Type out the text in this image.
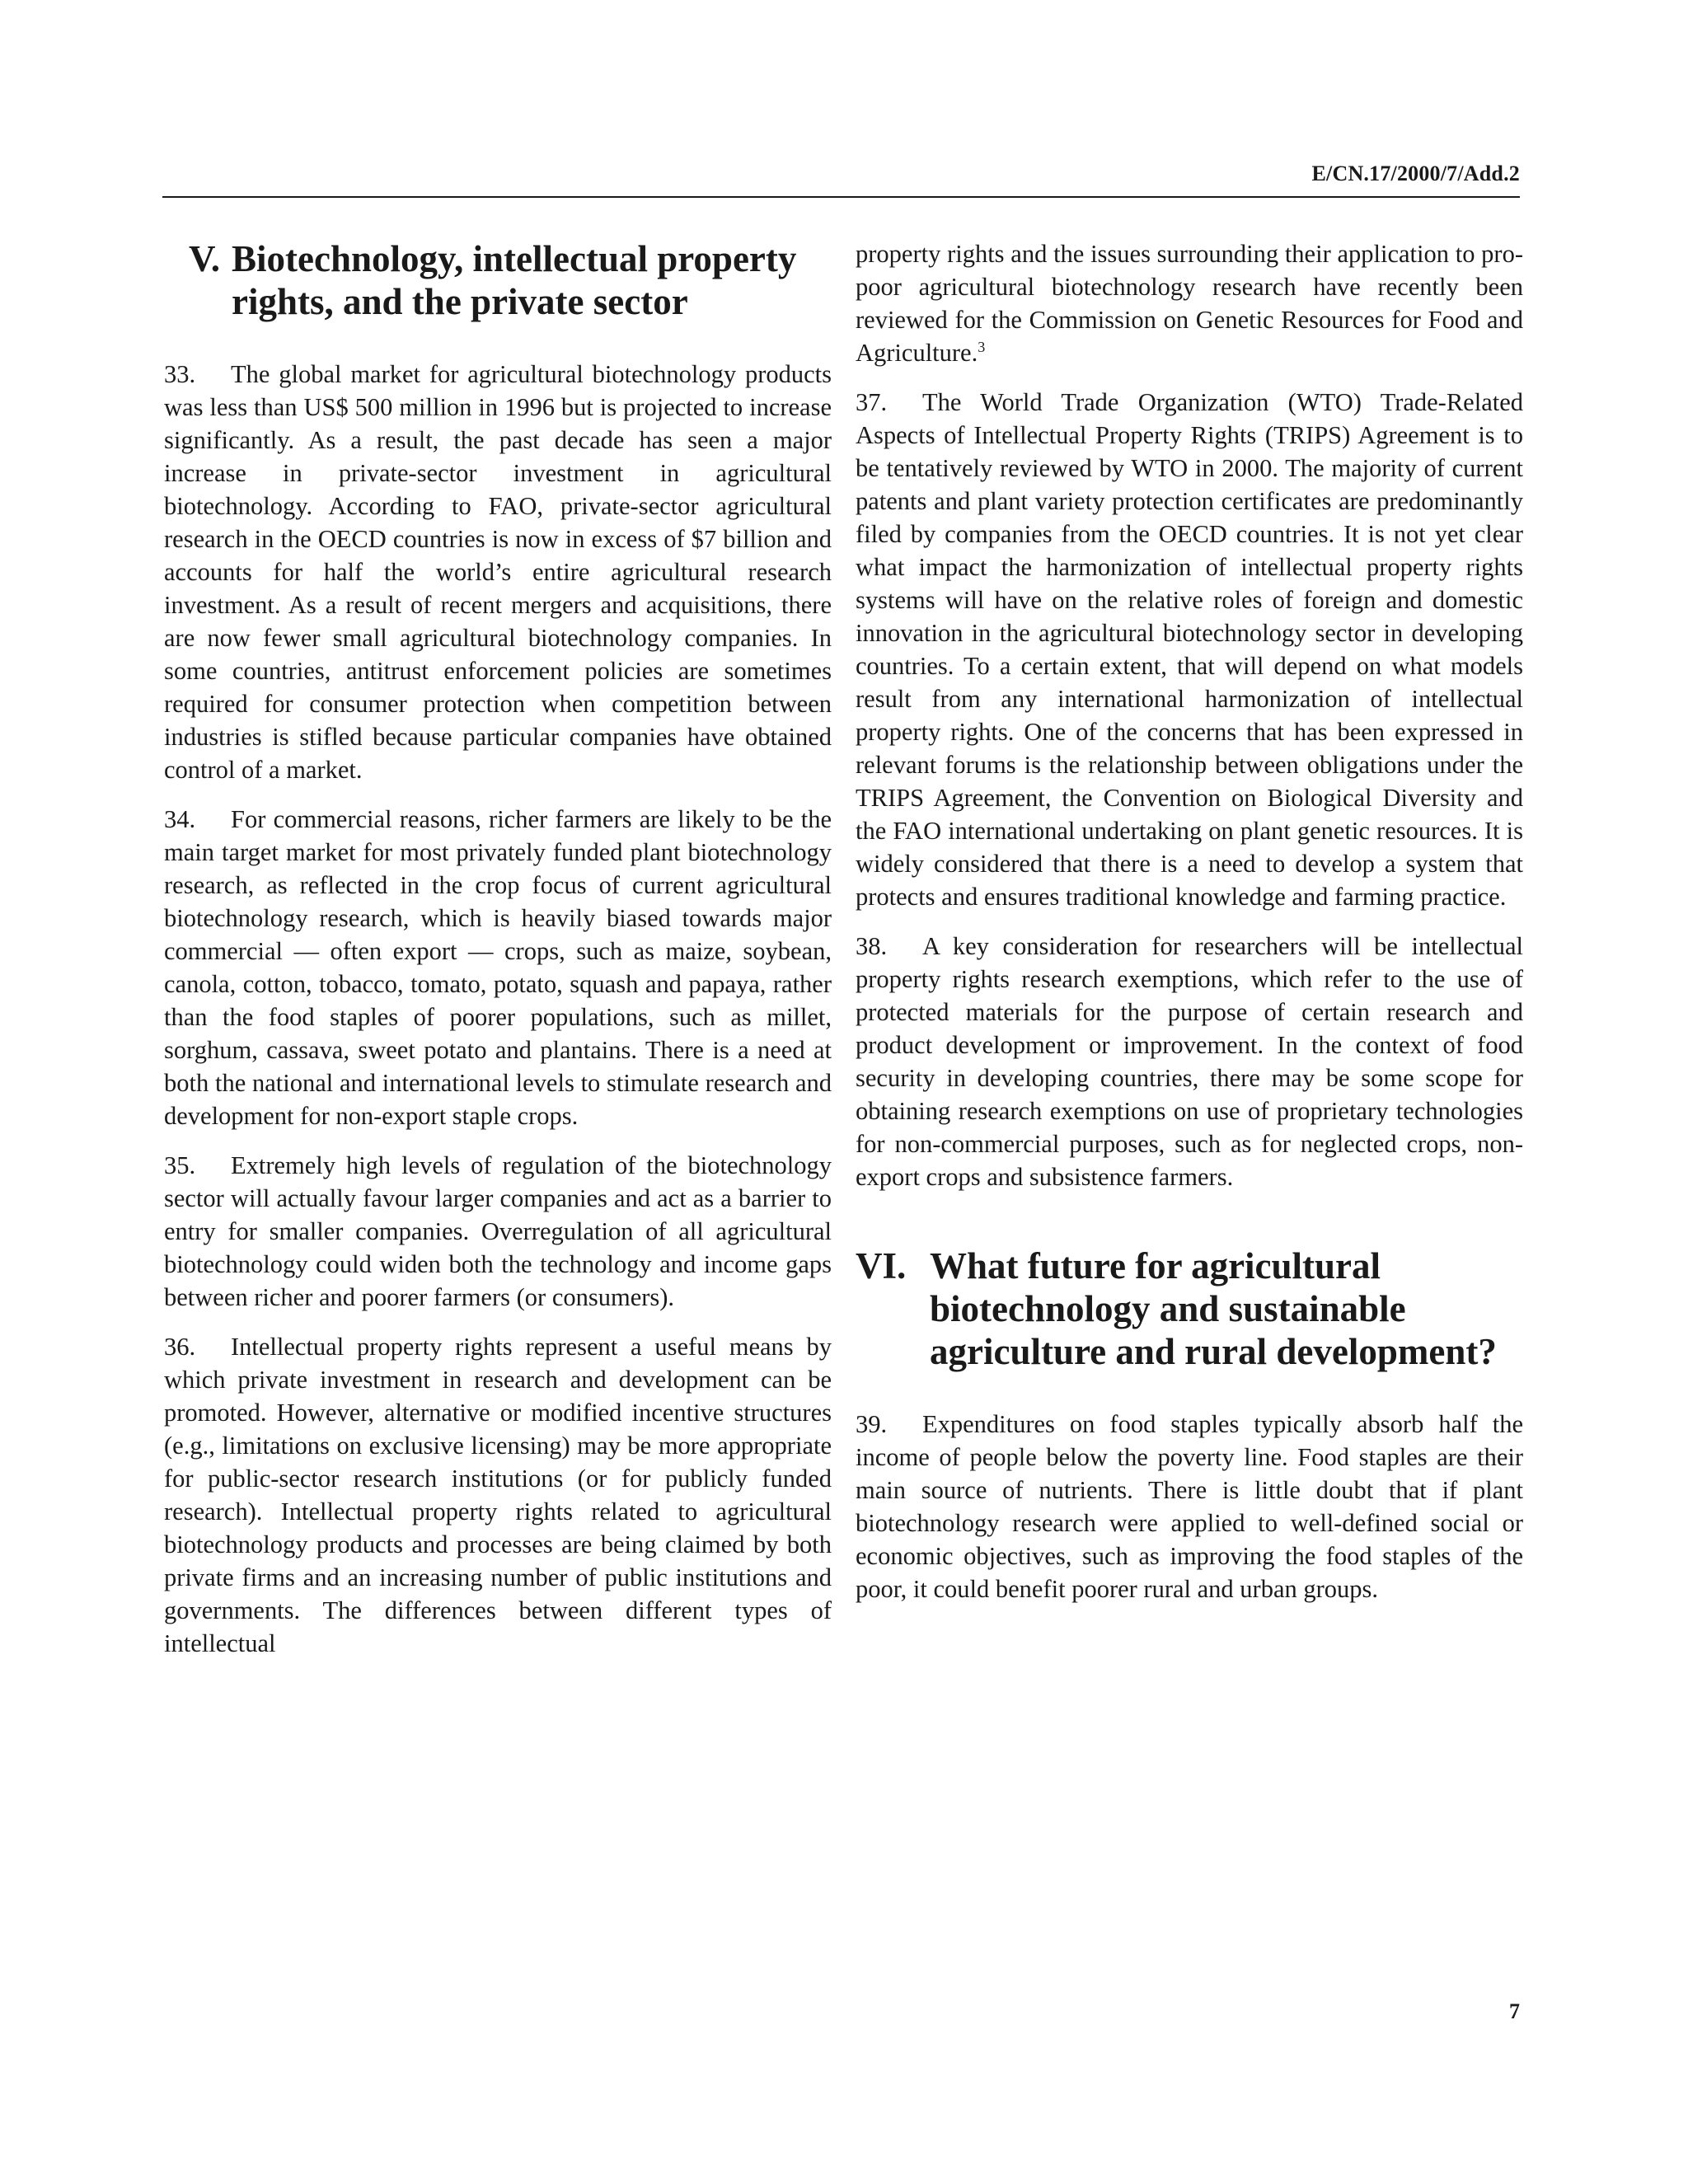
E/CN.17/2000/7/Add.2
V. Biotechnology, intellectual property rights, and the private sector

33. The global market for agricultural biotechnology products was less than US$ 500 million in 1996 but is projected to increase significantly. As a result, the past decade has seen a major increase in private-sector investment in agricultural biotechnology. According to FAO, private-sector agricultural research in the OECD countries is now in excess of $7 billion and accounts for half the world’s entire agricultural research investment. As a result of recent mergers and acquisitions, there are now fewer small agricultural biotechnology companies. In some countries, antitrust enforcement policies are sometimes required for consumer protection when competition between industries is stifled because particular companies have obtained control of a market.

34. For commercial reasons, richer farmers are likely to be the main target market for most privately funded plant biotechnology research, as reflected in the crop focus of current agricultural biotechnology research, which is heavily biased towards major commercial — often export — crops, such as maize, soybean, canola, cotton, tobacco, tomato, potato, squash and papaya, rather than the food staples of poorer populations, such as millet, sorghum, cassava, sweet potato and plantains. There is a need at both the national and international levels to stimulate research and development for non-export staple crops.

35. Extremely high levels of regulation of the biotechnology sector will actually favour larger companies and act as a barrier to entry for smaller companies. Overregulation of all agricultural biotechnology could widen both the technology and income gaps between richer and poorer farmers (or consumers).

36. Intellectual property rights represent a useful means by which private investment in research and development can be promoted. However, alternative or modified incentive structures (e.g., limitations on exclusive licensing) may be more appropriate for public-sector research institutions (or for publicly funded research). Intellectual property rights related to agricultural biotechnology products and processes are being claimed by both private firms and an increasing number of public institutions and governments. The differences between different types of intellectual

property rights and the issues surrounding their application to pro-poor agricultural biotechnology research have recently been reviewed for the Commission on Genetic Resources for Food and Agriculture.$^3$

37. The World Trade Organization (WTO) Trade-Related Aspects of Intellectual Property Rights (TRIPS) Agreement is to be tentatively reviewed by WTO in 2000. The majority of current patents and plant variety protection certificates are predominantly filed by companies from the OECD countries. It is not yet clear what impact the harmonization of intellectual property rights systems will have on the relative roles of foreign and domestic innovation in the agricultural biotechnology sector in developing countries. To a certain extent, that will depend on what models result from any international harmonization of intellectual property rights. One of the concerns that has been expressed in relevant forums is the relationship between obligations under the TRIPS Agreement, the Convention on Biological Diversity and the FAO international undertaking on plant genetic resources. It is widely considered that there is a need to develop a system that protects and ensures traditional knowledge and farming practice.

38. A key consideration for researchers will be intellectual property rights research exemptions, which refer to the use of protected materials for the purpose of certain research and product development or improvement. In the context of food security in developing countries, there may be some scope for obtaining research exemptions on use of proprietary technologies for non-commercial purposes, such as for neglected crops, non-export crops and subsistence farmers.

VI. What future for agricultural biotechnology and sustainable agriculture and rural development?

39. Expenditures on food staples typically absorb half the income of people below the poverty line. Food staples are their main source of nutrients. There is little doubt that if plant biotechnology research were applied to well-defined social or economic objectives, such as improving the food staples of the poor, it could benefit poorer rural and urban groups.

7
